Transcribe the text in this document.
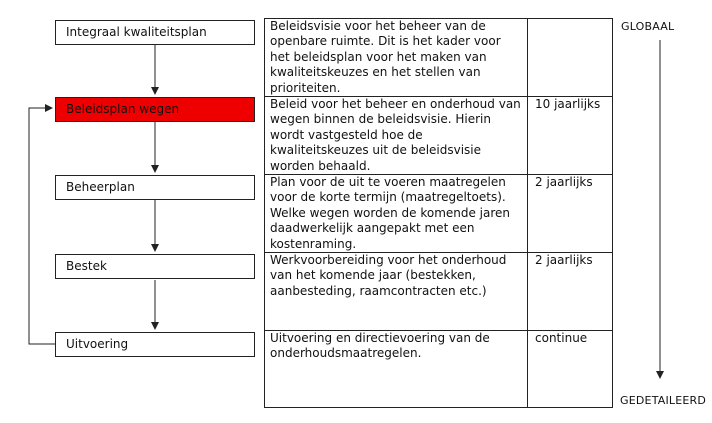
Integraal kwaliteitsplan
Beleidsplan wegen
Beheerplan
Bestek
Uitvoering
Beleidsvisie voor het beheer van de openbare ruimte. Dit is het kader voor het beleidsplan voor het maken van kwaliteitskeuzes en het stellen van prioriteiten.
Beleid voor het beheer en onderhoud van wegen binnen de beleidsvisie. Hierin wordt vastgesteld hoe de kwaliteitskeuzes uit de beleidsvisie worden behaald.
Plan voor de uit te voeren maatregelen voor de korte termijn (maatregeltoets). Welke wegen worden de komende jaren daadwerkelijk aangepakt met een kostenraming.
Werkvoorbereiding voor het onderhoud van het komende jaar (bestekken, aanbesteding, raamcontracten etc.)
Uitvoering en directievoering van de onderhoudsmaatregelen.
10 jaarlijks
2 jaarlijks
2 jaarlijks
continue
GLOBAAL
GEDETAILEERD
